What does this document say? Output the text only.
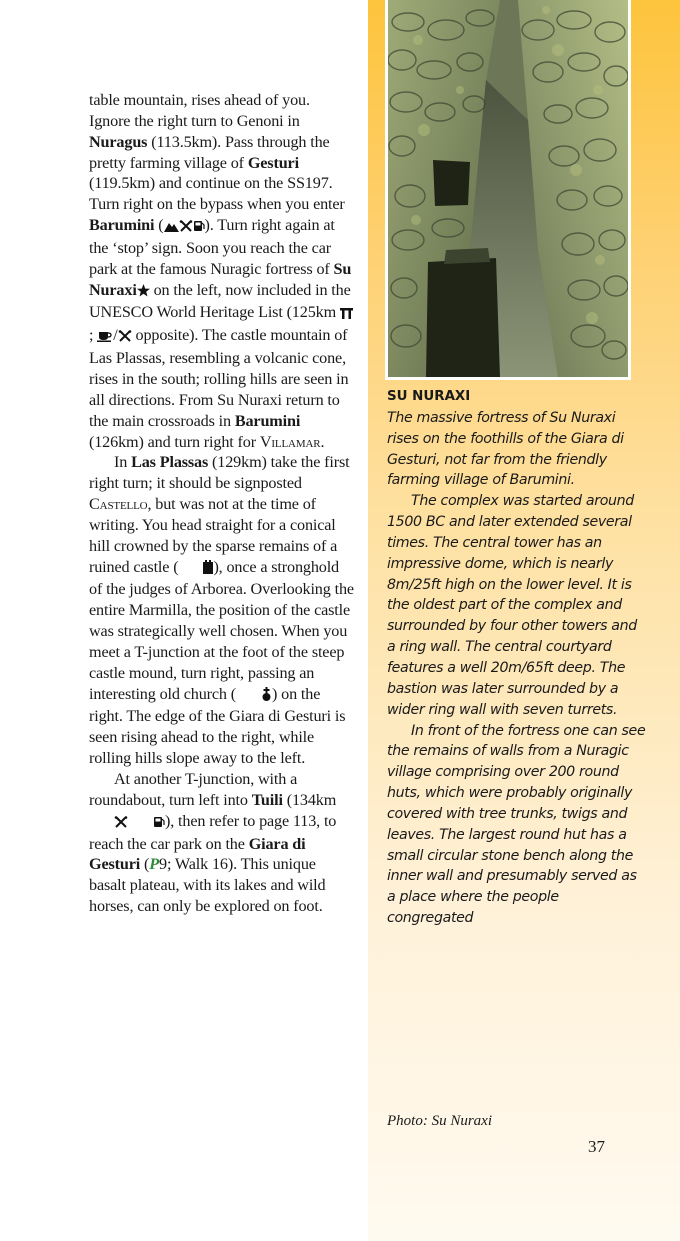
table mountain, rises ahead of you. Ignore the right turn to Genoni in Nuragus (113.5km). Pass through the pretty farming village of Gesturi (119.5km) and continue on the SS197. Turn right on the bypass when you enter Barumini (	). Turn right again at the ‘stop’ sign. Soon you reach the car park at the famous Nuragic fortress of Su Nuraxi on the left, now included in the UNESCO World Heritage List (125km ; / opposite). The castle mountain of Las Plassas, resembling a volcanic cone, rises in the south; rolling hills are seen in all directions. From Su Nuraxi return to the main crossroads in Barumini (126km) and turn right for Villamar.

In Las Plassas (129km) take the first right turn; it should be signposted Castello, but was not at the time of writing. You head straight for a conical hill crowned by the sparse remains of a ruined castle ( ), once a stronghold of the judges of Arborea. Overlooking the entire Marmilla, the position of the castle was strategically well chosen. When you meet a T-junction at the foot of the steep castle mound, turn right, passing an interesting old church ( ) on the right. The edge of the Giara di Gesturi is seen rising ahead to the right, while rolling hills slope away to the left.

At another T-junction, with a roundabout, turn left into Tuili (134km ), then refer to page 113, to reach the car park on the Giara di Gesturi (P9; Walk 16). This unique basalt plateau, with its lakes and wild horses, can only be explored on foot.

SU NURAXI

The massive fortress of Su Nuraxi rises on the foothills of the Giara di Gesturi, not far from the friendly farming village of Barumini.

The complex was started around 1500 BC and later extended several times. The central tower has an impressive dome, which is nearly 8m/25ft high on the lower level. It is the oldest part of the complex and surrounded by four other towers and a ring wall. The central courtyard features a well 20m/65ft deep. The bastion was later surrounded by a wider ring wall with seven turrets.

In front of the fortress one can see the remains of walls from a Nuragic village comprising over 200 round huts, which were probably originally covered with tree trunks, twigs and leaves. The largest round hut has a small circular stone bench along the inner wall and presumably served as a place where the people congregated

Photo: Su Nuraxi
37
